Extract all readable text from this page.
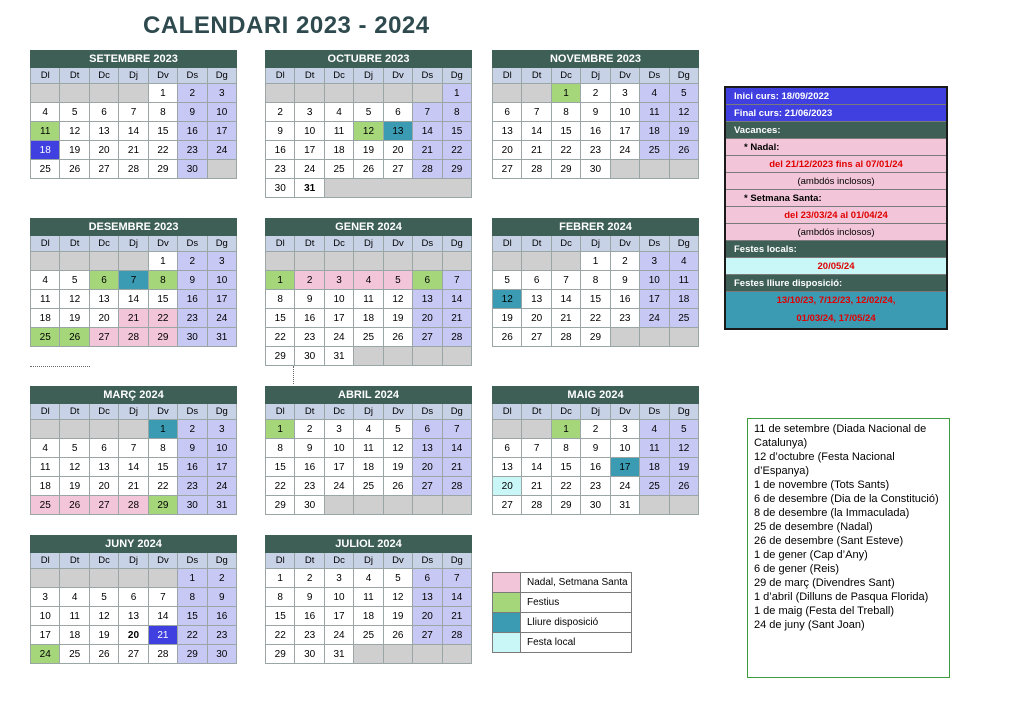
CALENDARI 2023 - 2024
SETEMBRE 2023						
Dl	Dt	Dc	Dj	Dv	Ds	Dg
				1	2	3
4	5	6	7	8	9	10
11	12	13	14	15	16	17
18	19	20	21	22	23	24
25	26	27	28	29	30	
OCTUBRE 2023						
Dl	Dt	Dc	Dj	Dv	Ds	Dg
						1
2	3	4	5	6	7	8
9	10	11	12	13	14	15
16	17	18	19	20	21	22
23	24	25	26	27	28	29
30	31					
NOVEMBRE 2023						
Dl	Dt	Dc	Dj	Dv	Ds	Dg
		1	2	3	4	5
6	7	8	9	10	11	12
13	14	15	16	17	18	19
20	21	22	23	24	25	26
27	28	29	30			
DESEMBRE 2023						
Dl	Dt	Dc	Dj	Dv	Ds	Dg
				1	2	3
4	5	6	7	8	9	10
11	12	13	14	15	16	17
18	19	20	21	22	23	24
25	26	27	28	29	30	31
GENER 2024						
Dl	Dt	Dc	Dj	Dv	Ds	Dg

1	2	3	4	5	6	7
8	9	10	11	12	13	14
15	16	17	18	19	20	21
22	23	24	25	26	27	28
29	30	31				
FEBRER 2024						
Dl	Dt	Dc	Dj	Dv	Ds	Dg
			1	2	3	4
5	6	7	8	9	10	11
12	13	14	15	16	17	18
19	20	21	22	23	24	25
26	27	28	29			
MARÇ 2024						
Dl	Dt	Dc	Dj	Dv	Ds	Dg
				1	2	3
4	5	6	7	8	9	10
11	12	13	14	15	16	17
18	19	20	21	22	23	24
25	26	27	28	29	30	31
ABRIL 2024						
Dl	Dt	Dc	Dj	Dv	Ds	Dg
1	2	3	4	5	6	7
8	9	10	11	12	13	14
15	16	17	18	19	20	21
22	23	24	25	26	27	28
29	30					
MAIG 2024						
Dl	Dt	Dc	Dj	Dv	Ds	Dg
		1	2	3	4	5
6	7	8	9	10	11	12
13	14	15	16	17	18	19
20	21	22	23	24	25	26
27	28	29	30	31		
JUNY 2024						
Dl	Dt	Dc	Dj	Dv	Ds	Dg
					1	2
3	4	5	6	7	8	9
10	11	12	13	14	15	16
17	18	19	20	21	22	23
24	25	26	27	28	29	30
JULIOL 2024						
Dl	Dt	Dc	Dj	Dv	Ds	Dg
1	2	3	4	5	6	7
8	9	10	11	12	13	14
15	16	17	18	19	20	21
22	23	24	25	26	27	28
29	30	31				
Inici curs: 18/09/2022
Final curs: 21/06/2023
Vacances:
* Nadal:
del 21/12/2023 fins al 07/01/24
(ambdós inclosos)
* Setmana Santa:
del 23/03/24 al 01/04/24
(ambdós inclosos)
Festes locals:
20/05/24
Festes lliure disposició:
13/10/23, 7/12/23, 12/02/24,
01/03/24, 17/05/24
	Nadal, Setmana Santa
	Festius
	Lliure disposició
	Festa local
11 de setembre (Diada Nacional de Catalunya)
12 d’octubre (Festa Nacional d’Espanya)
1 de novembre (Tots Sants)
6 de desembre (Dia de la Constitució)
8 de desembre (la Immaculada)
25 de desembre (Nadal)
26 de desembre (Sant Esteve)
1 de gener (Cap d’Any)
6 de gener (Reis)
29 de març (Divendres Sant)
1 d’abril (Dilluns de Pasqua Florida)
1 de maig (Festa del Treball)
24 de juny (Sant Joan)
